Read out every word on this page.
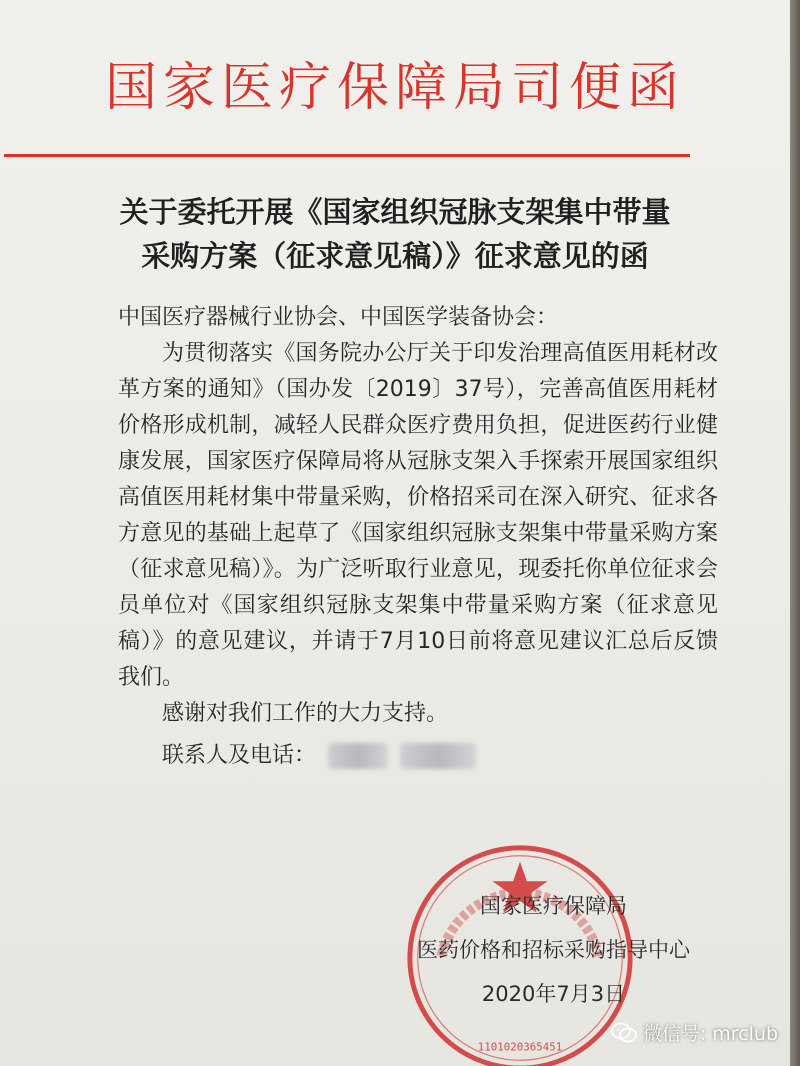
国家医疗保障局司便函
关于委托开展《国家组织冠脉支架集中带量
采购方案（征求意见稿）》征求意见的函

中国医疗器械行业协会、中国医学装备协会：

为贯彻落实《国务院办公厅关于印发治理高值医用耗材改革方案的通知》（国办发〔2019〕37号），完善高值医用耗材价格形成机制，减轻人民群众医疗费用负担，促进医药行业健康发展，国家医疗保障局将从冠脉支架入手探索开展国家组织高值医用耗材集中带量采购，价格招采司在深入研究、征求各方意见的基础上起草了《国家组织冠脉支架集中带量采购方案（征求意见稿）》。为广泛听取行业意见，现委托你单位征求会员单位对《国家组织冠脉支架集中带量采购方案（征求意见稿）》的意见建议，并请于7月10日前将意见建议汇总后反馈我们。

感谢对我们工作的大力支持。

联系人及电话：

1101020365451
国家医疗保障局
医药价格和招标采购指导中心
2020年7月3日
微信号: mrclub
